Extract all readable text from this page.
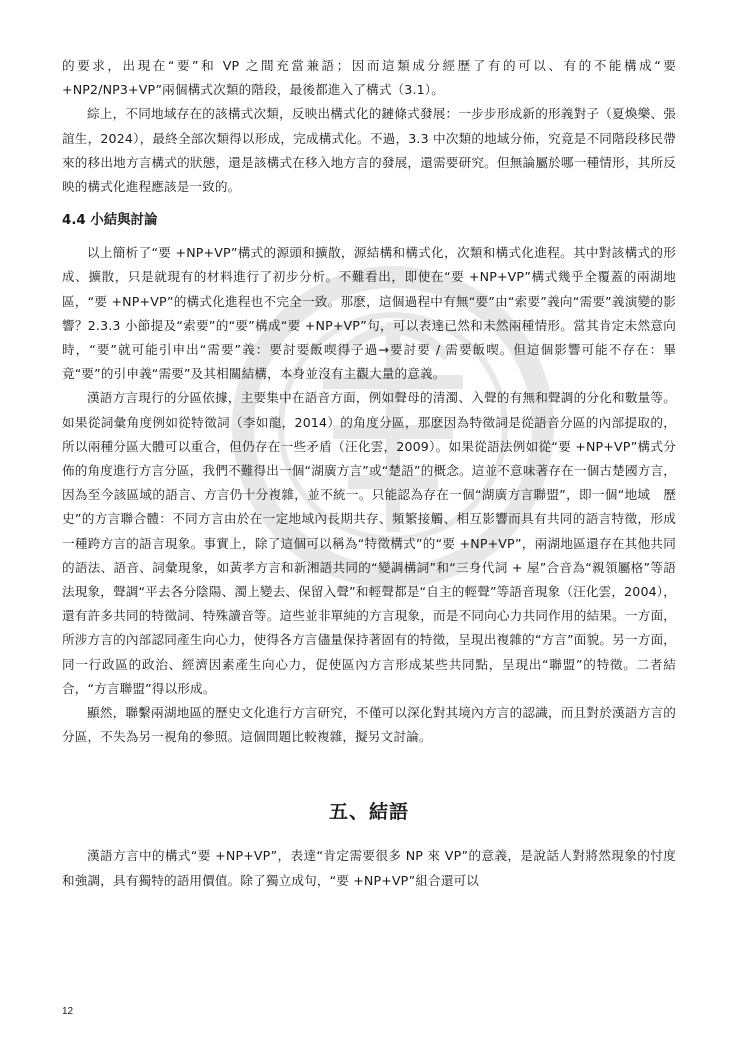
的要求，出現在“要”和 VP 之間充當兼語；因而這類成分經歷了有的可以、有的不能構成“要 +NP2/NP3+VP”兩個構式次類的階段，最後都進入了構式（3.1）。

綜上，不同地域存在的該構式次類，反映出構式化的鏈條式發展：一步步形成新的形義對子（夏煥樂、張誼生，2024），最終全部次類得以形成，完成構式化。不過，3.3 中次類的地域分佈，究竟是不同階段移民帶來的移出地方言構式的狀態，還是該構式在移入地方言的發展，還需要研究。但無論屬於哪一種情形，其所反映的構式化進程應該是一致的。

4.4 小結與討論

以上簡析了“要 +NP+VP”構式的源頭和擴散，源結構和構式化，次類和構式化進程。其中對該構式的形成、擴散，只是就現有的材料進行了初步分析。不難看出，即使在“要 +NP+VP”構式幾乎全覆蓋的兩湖地區，“要 +NP+VP”的構式化進程也不完全一致。那麽，這個過程中有無“要”由“索要”義向“需要”義演變的影響？2.3.3 小節提及“索要”的“要”構成“要 +NP+VP”句，可以表達已然和未然兩種情形。當其肯定未然意向時，“要”就可能引申出“需要”義：要討要飯喫得子過→要討要 / 需要飯喫。但這個影響可能不存在：畢竟“要”的引申義“需要”及其相關結構，本身並沒有主觀大量的意義。

漢語方言現行的分區依據，主要集中在語音方面，例如聲母的清濁、入聲的有無和聲調的分化和數量等。如果從詞彙角度例如從特徵詞（李如龍，2014）的角度分區，那麽因為特徵詞是從語音分區的內部提取的，所以兩種分區大體可以重合，但仍存在一些矛盾（汪化雲，2009）。如果從語法例如從“要 +NP+VP”構式分佈的角度進行方言分區，我們不難得出一個“湖廣方言”或“楚語”的概念。這並不意味著存在一個古楚國方言，因為至今該區域的語言、方言仍十分複雜，並不統一。只能認為存在一個“湖廣方言聯盟”，即一個“地域　歷史”的方言聯合體：不同方言由於在一定地域內長期共存、頻繁接觸、相互影響而具有共同的語言特徵，形成一種跨方言的語言現象。事實上，除了這個可以稱為“特徵構式”的“要 +NP+VP”，兩湖地區還存在其他共同的語法、語音、詞彙現象，如黃孝方言和新湘語共同的“變調構詞”和“三身代詞 + 屋”合音為“親領屬格”等語法現象，聲調“平去各分陰陽、濁上變去、保留入聲”和輕聲都是“自主的輕聲”等語音現象（汪化雲，2004），還有許多共同的特徵詞、特殊讀音等。這些並非單純的方言現象，而是不同向心力共同作用的結果。一方面，所涉方言的內部認同產生向心力，使得各方言儘量保持著固有的特徵，呈現出複雜的“方言”面貌。另一方面，同一行政區的政治、經濟因素產生向心力，促使區內方言形成某些共同點，呈現出“聯盟”的特徵。二者結合，“方言聯盟”得以形成。

顯然，聯繫兩湖地區的歷史文化進行方言研究，不僅可以深化對其境內方言的認識，而且對於漢語方言的分區，不失為另一視角的參照。這個問題比較複雜，擬另文討論。

五、結語

漢語方言中的構式“要 +NP+VP”，表達“肯定需要很多 NP 來 VP”的意義，是說話人對將然現象的忖度和強調，具有獨特的語用價值。除了獨立成句，“要 +NP+VP”組合還可以

12
